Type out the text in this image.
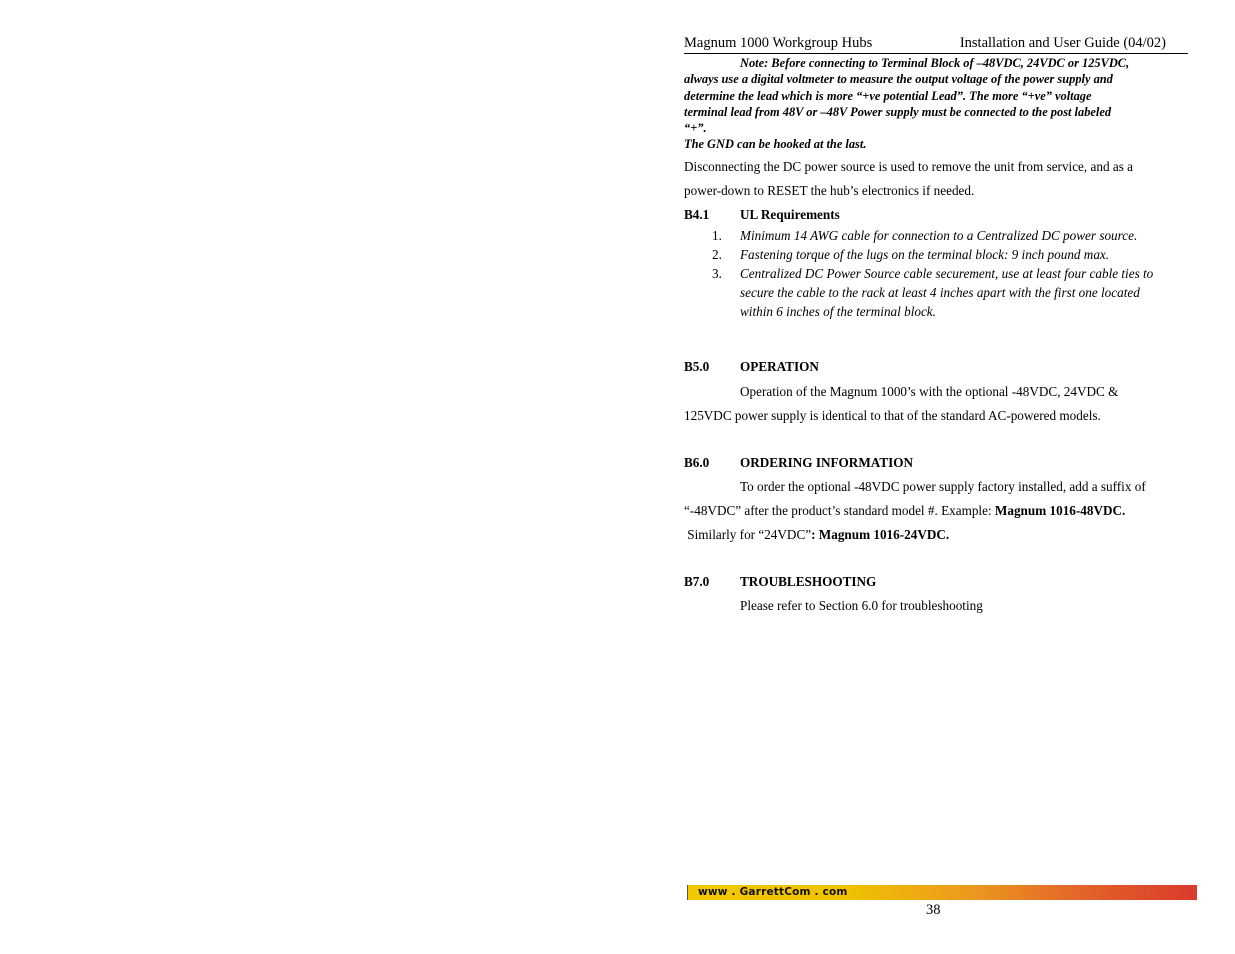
Magnum 1000 Workgroup Hubs	Installation and User Guide (04/02)
Note: Before connecting to Terminal Block of –48VDC, 24VDC or 125VDC,
always use a digital voltmeter to measure the output voltage of the power supply and
determine the lead which is more “+ve potential Lead”. The more “+ve” voltage
terminal lead from 48V or –48V Power supply must be connected to the post labeled
“+”.
The GND can be hooked at the last.
Disconnecting the DC power source is used to remove the unit from service, and as a
power-down to RESET the hub’s electronics if needed.
B4.1	UL Requirements
1.	Minimum 14 AWG cable for connection to a Centralized DC power source.
2.	Fastening torque of the lugs on the terminal block: 9 inch pound max.
3.	Centralized DC Power Source cable securement, use at least four cable ties to
secure the cable to the rack at least 4 inches apart with the first one located
within 6 inches of the terminal block.
B5.0	OPERATION
Operation of the Magnum 1000’s with the optional -48VDC, 24VDC &
125VDC power supply is identical to that of the standard AC-powered models.
B6.0	ORDERING INFORMATION
To order the optional -48VDC power supply factory installed, add a suffix of
“-48VDC” after the product’s standard model #. Example: Magnum 1016-48VDC.
Similarly for “24VDC”: Magnum 1016-24VDC.
B7.0	TROUBLESHOOTING
Please refer to Section 6.0 for troubleshooting
www . GarrettCom . com
38
